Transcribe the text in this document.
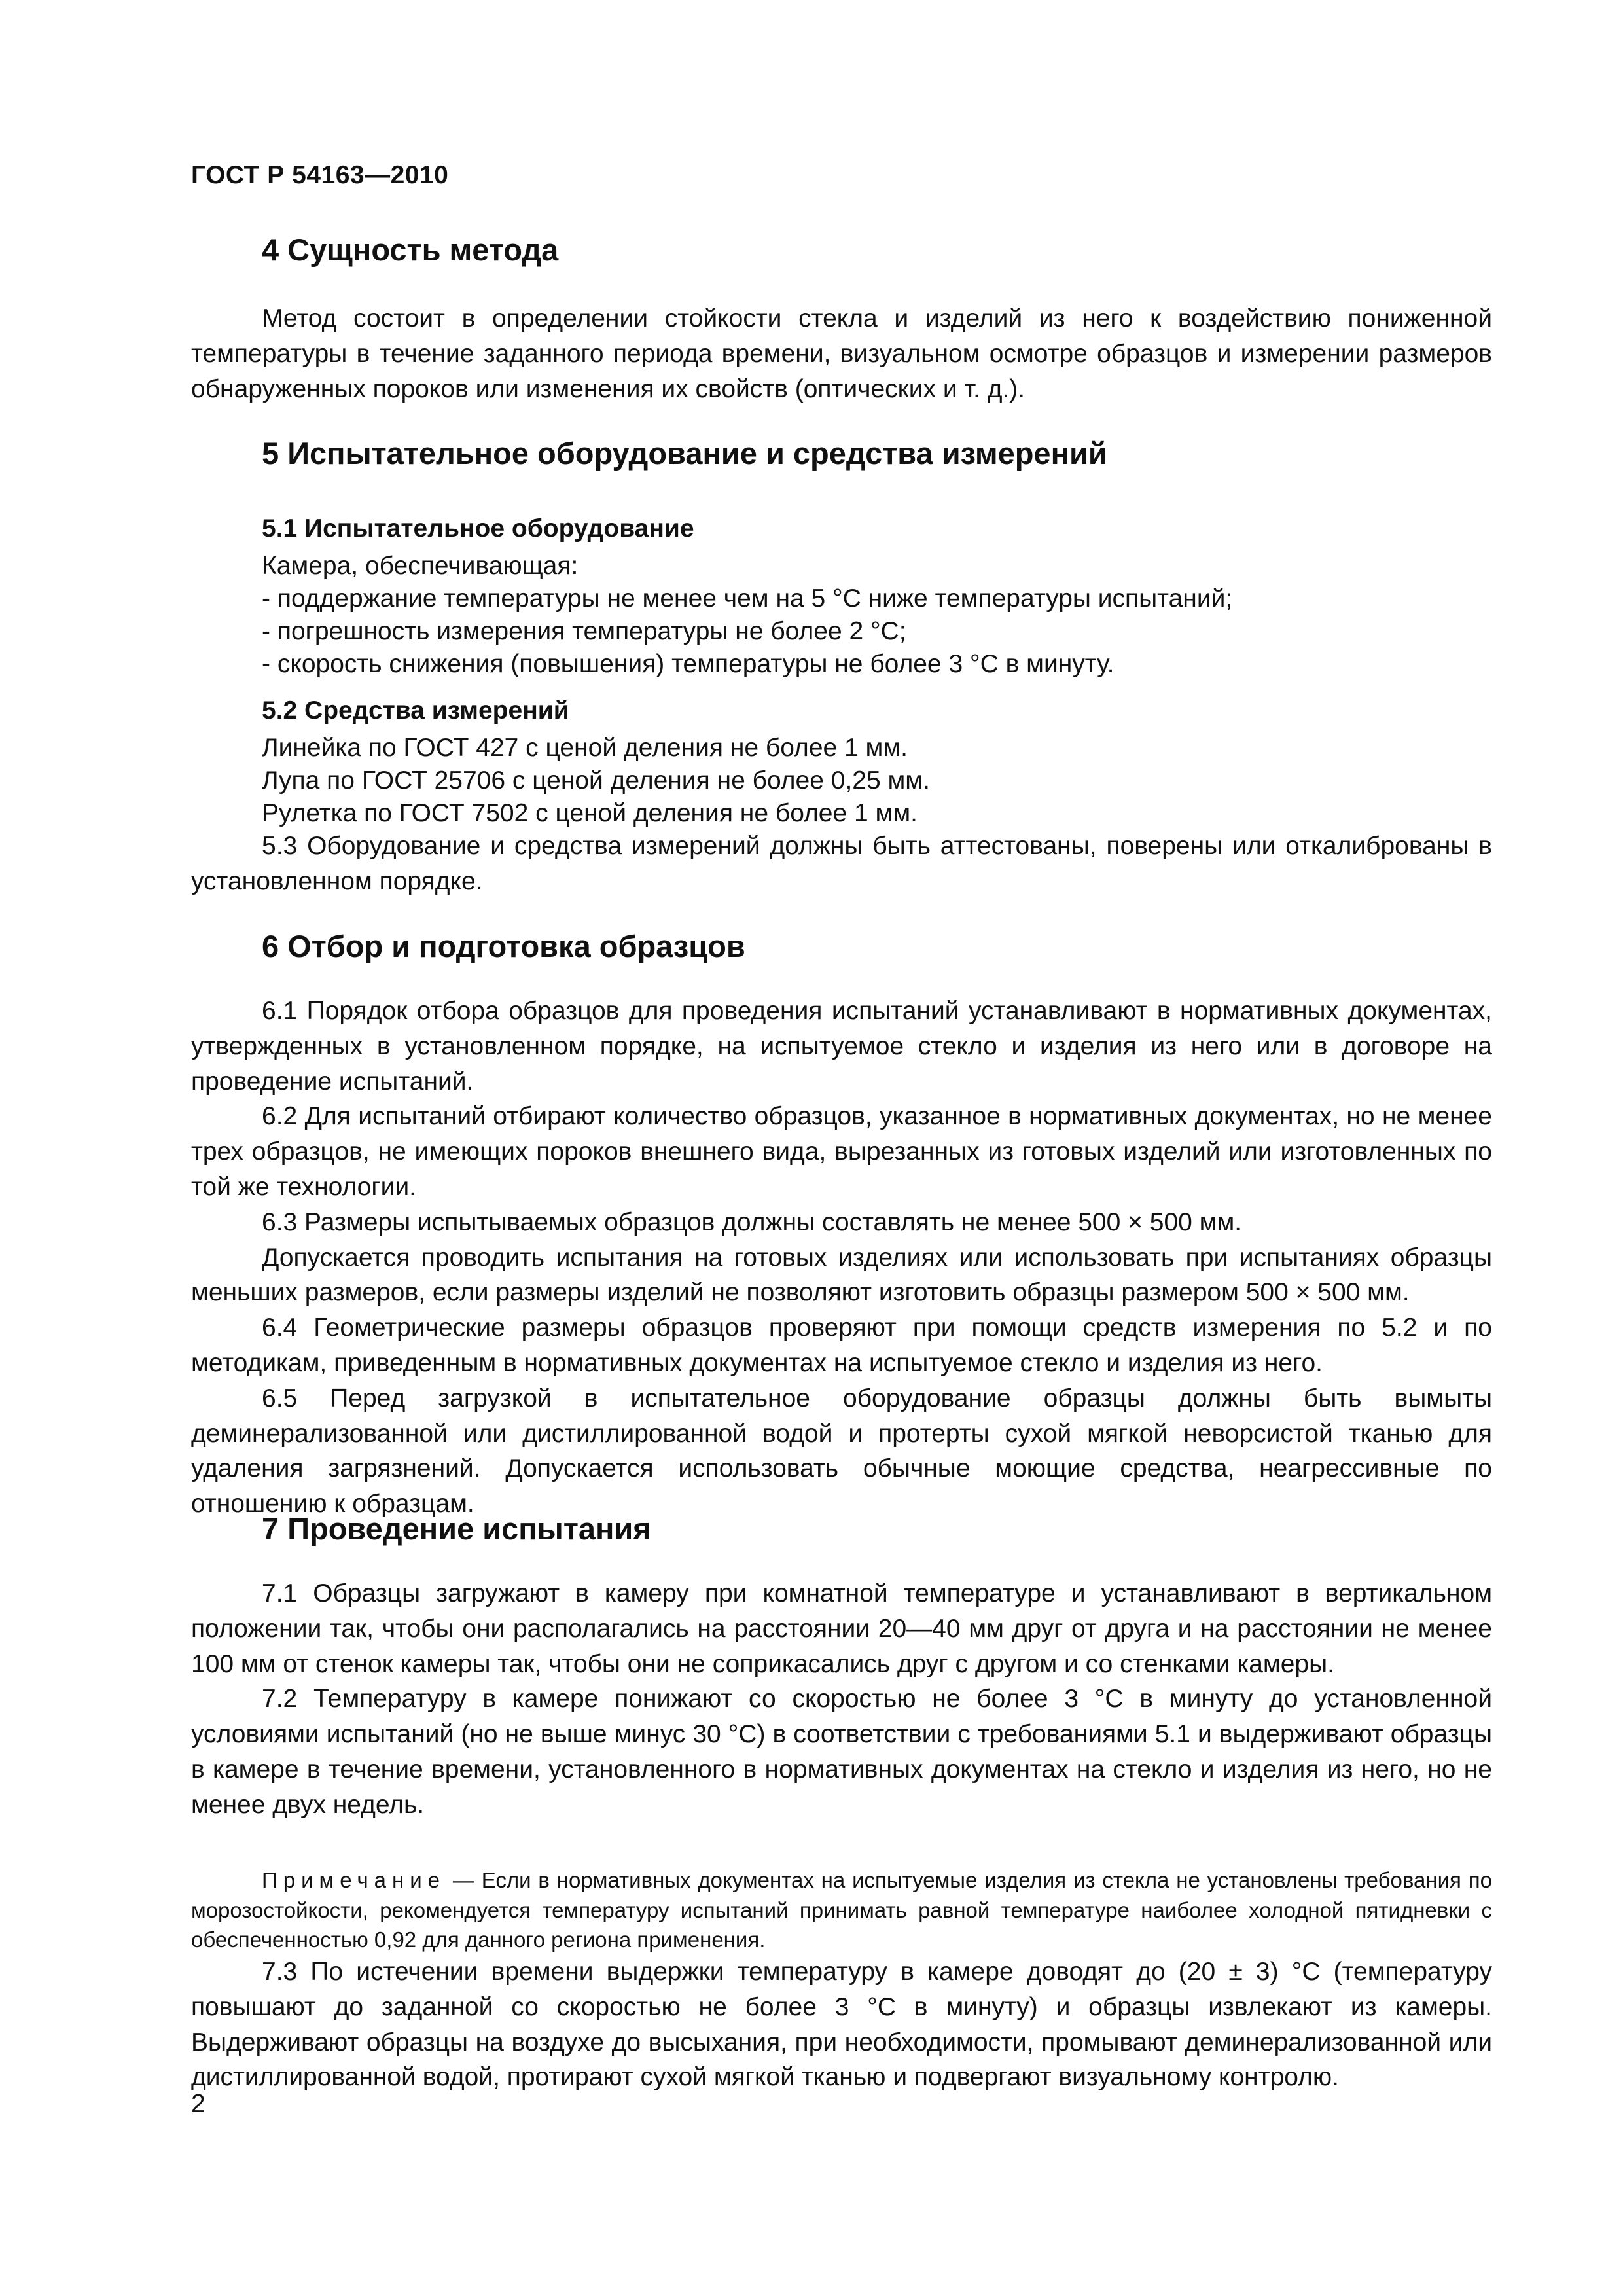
ГОСТ Р 54163—2010

4 Сущность метода

Метод состоит в определении стойкости стекла и изделий из него к воздействию пониженной температуры в течение заданного периода времени, визуальном осмотре образцов и измерении размеров обнаруженных пороков или изменения их свойств (оптических и т. д.).

5 Испытательное оборудование и средства измерений
5.1 Испытательное оборудование
Камера, обеспечивающая:
- поддержание температуры не менее чем на 5 °С ниже температуры испытаний;
- погрешность измерения температуры не более 2 °С;
- скорость снижения (повышения) температуры не более 3 °С в минуту.
5.2 Средства измерений
Линейка по ГОСТ 427 с ценой деления не более 1 мм.
Лупа по ГОСТ 25706 с ценой деления не более 0,25 мм.
Рулетка по ГОСТ 7502 с ценой деления не более 1 мм.

5.3 Оборудование и средства измерений должны быть аттестованы, поверены или откалиброваны в установленном порядке.

6 Отбор и подготовка образцов

6.1 Порядок отбора образцов для проведения испытаний устанавливают в нормативных документах, утвержденных в установленном порядке, на испытуемое стекло и изделия из него или в договоре на проведение испытаний.

6.2 Для испытаний отбирают количество образцов, указанное в нормативных документах, но не менее трех образцов, не имеющих пороков внешнего вида, вырезанных из готовых изделий или изготовленных по той же технологии.

6.3 Размеры испытываемых образцов должны составлять не менее 500 × 500 мм.

Допускается проводить испытания на готовых изделиях или использовать при испытаниях образцы меньших размеров, если размеры изделий не позволяют изготовить образцы размером 500 × 500 мм.

6.4 Геометрические размеры образцов проверяют при помощи средств измерения по 5.2 и по методикам, приведенным в нормативных документах на испытуемое стекло и изделия из него.

6.5 Перед загрузкой в испытательное оборудование образцы должны быть вымыты деминерализованной или дистиллированной водой и протерты сухой мягкой неворсистой тканью для удаления загрязнений. Допускается использовать обычные моющие средства, неагрессивные по отношению к образцам.

7 Проведение испытания

7.1 Образцы загружают в камеру при комнатной температуре и устанавливают в вертикальном положении так, чтобы они располагались на расстоянии 20—40 мм друг от друга и на расстоянии не менее 100 мм от стенок камеры так, чтобы они не соприкасались друг с другом и со стенками камеры.

7.2 Температуру в камере понижают со скоростью не более 3 °С в минуту до установленной условиями испытаний (но не выше минус 30 °С) в соответствии с требованиями 5.1 и выдерживают образцы в камере в течение времени, установленного в нормативных документах на стекло и изделия из него, но не менее двух недель.

Примечание — Если в нормативных документах на испытуемые изделия из стекла не установлены требования по морозостойкости, рекомендуется температуру испытаний принимать равной температуре наиболее холодной пятидневки с обеспеченностью 0,92 для данного региона применения.

7.3 По истечении времени выдержки температуру в камере доводят до (20 ± 3) °С (температуру повышают до заданной со скоростью не более 3 °С в минуту) и образцы извлекают из камеры. Выдерживают образцы на воздухе до высыхания, при необходимости, промывают деминерализованной или дистиллированной водой, протирают сухой мягкой тканью и подвергают визуальному контролю.

2
